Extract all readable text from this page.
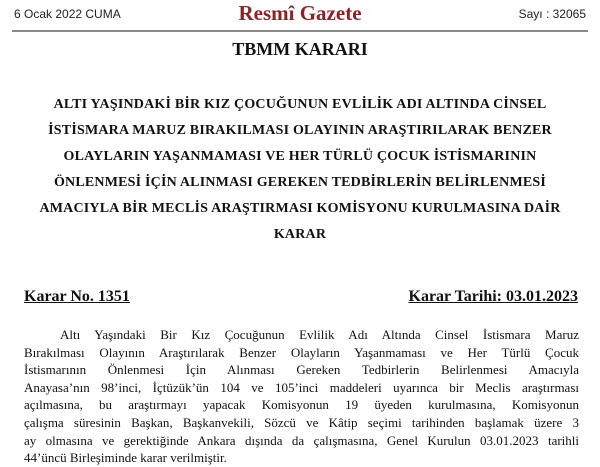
6 Ocak 2022 CUMA	Resmî Gazete	Sayı : 32065
TBMM KARARI
ALTI YAŞINDAKİ BİR KIZ ÇOCUĞUNUN EVLİLİK ADI ALTINDA CİNSEL
İSTİSMARA MARUZ BIRAKILMASI OLAYININ ARAŞTIRILARAK BENZER
OLAYLARIN YAŞANMAMASI VE HER TÜRLÜ ÇOCUK İSTİSMARININ
ÖNLENMESİ İÇİN ALINMASI GEREKEN TEDBİRLERİN BELİRLENMESİ
AMACIYLA BİR MECLİS ARAŞTIRMASI KOMİSYONU KURULMASINA DAİR
KARAR
Karar No. 1351	Karar Tarihi: 03.01.2023
Altı Yaşındaki Bir Kız Çocuğunun Evlilik Adı Altında Cinsel İstismara Maruz
Bırakılması Olayının Araştırılarak Benzer Olayların Yaşanmaması ve Her Türlü Çocuk
İstismarının Önlenmesi İçin Alınması Gereken Tedbirlerin Belirlenmesi Amacıyla
Anayasa’nın 98’inci, İçtüzük’ün 104 ve 105’inci maddeleri uyarınca bir Meclis araştırması
açılmasına, bu araştırmayı yapacak Komisyonun 19 üyeden kurulmasına, Komisyonun
çalışma süresinin Başkan, Başkanvekili, Sözcü ve Kâtip seçimi tarihinden başlamak üzere 3
ay olmasına ve gerektiğinde Ankara dışında da çalışmasına, Genel Kurulun 03.01.2023 tarihli
44’üncü Birleşiminde karar verilmiştir.
